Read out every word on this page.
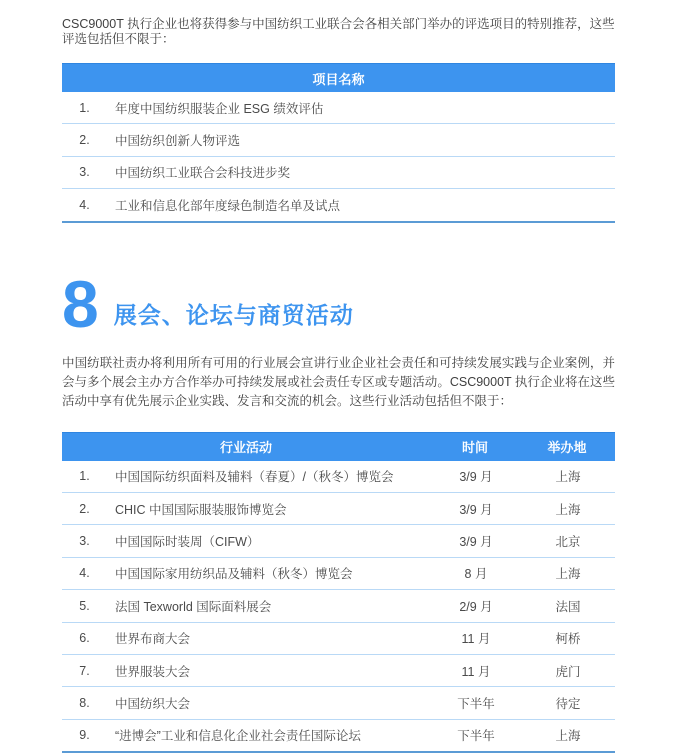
CSC9000T 执行企业也将获得参与中国纺织工业联合会各相关部门举办的评选项目的特别推荐，这些评选包括但不限于：

项目名称
1.	年度中国纺织服装企业 ESG 绩效评估
2.	中国纺织创新人物评选
3.	中国纺织工业联合会科技进步奖
4.	工业和信息化部年度绿色制造名单及试点
8 展会、论坛与商贸活动

中国纺联社责办将利用所有可用的行业展会宣讲行业企业社会责任和可持续发展实践与企业案例，并会与多个展会主办方合作举办可持续发展或社会责任专区或专题活动。CSC9000T 执行企业将在这些活动中享有优先展示企业实践、发言和交流的机会。这些行业活动包括但不限于：

行业活动	时间	举办地
1.	中国国际纺织面料及辅料（春夏）/（秋冬）博览会	3/9 月	上海
2.	CHIC 中国国际服装服饰博览会	3/9 月	上海
3.	中国国际时装周（CIFW）	3/9 月	北京
4.	中国国际家用纺织品及辅料（秋冬）博览会	8 月	上海
5.	法国 Texworld 国际面料展会	2/9 月	法国
6.	世界布商大会	11 月	柯桥
7.	世界服装大会	11 月	虎门
8.	中国纺织大会	下半年	待定
9.	“进博会”工业和信息化企业社会责任国际论坛	下半年	上海
